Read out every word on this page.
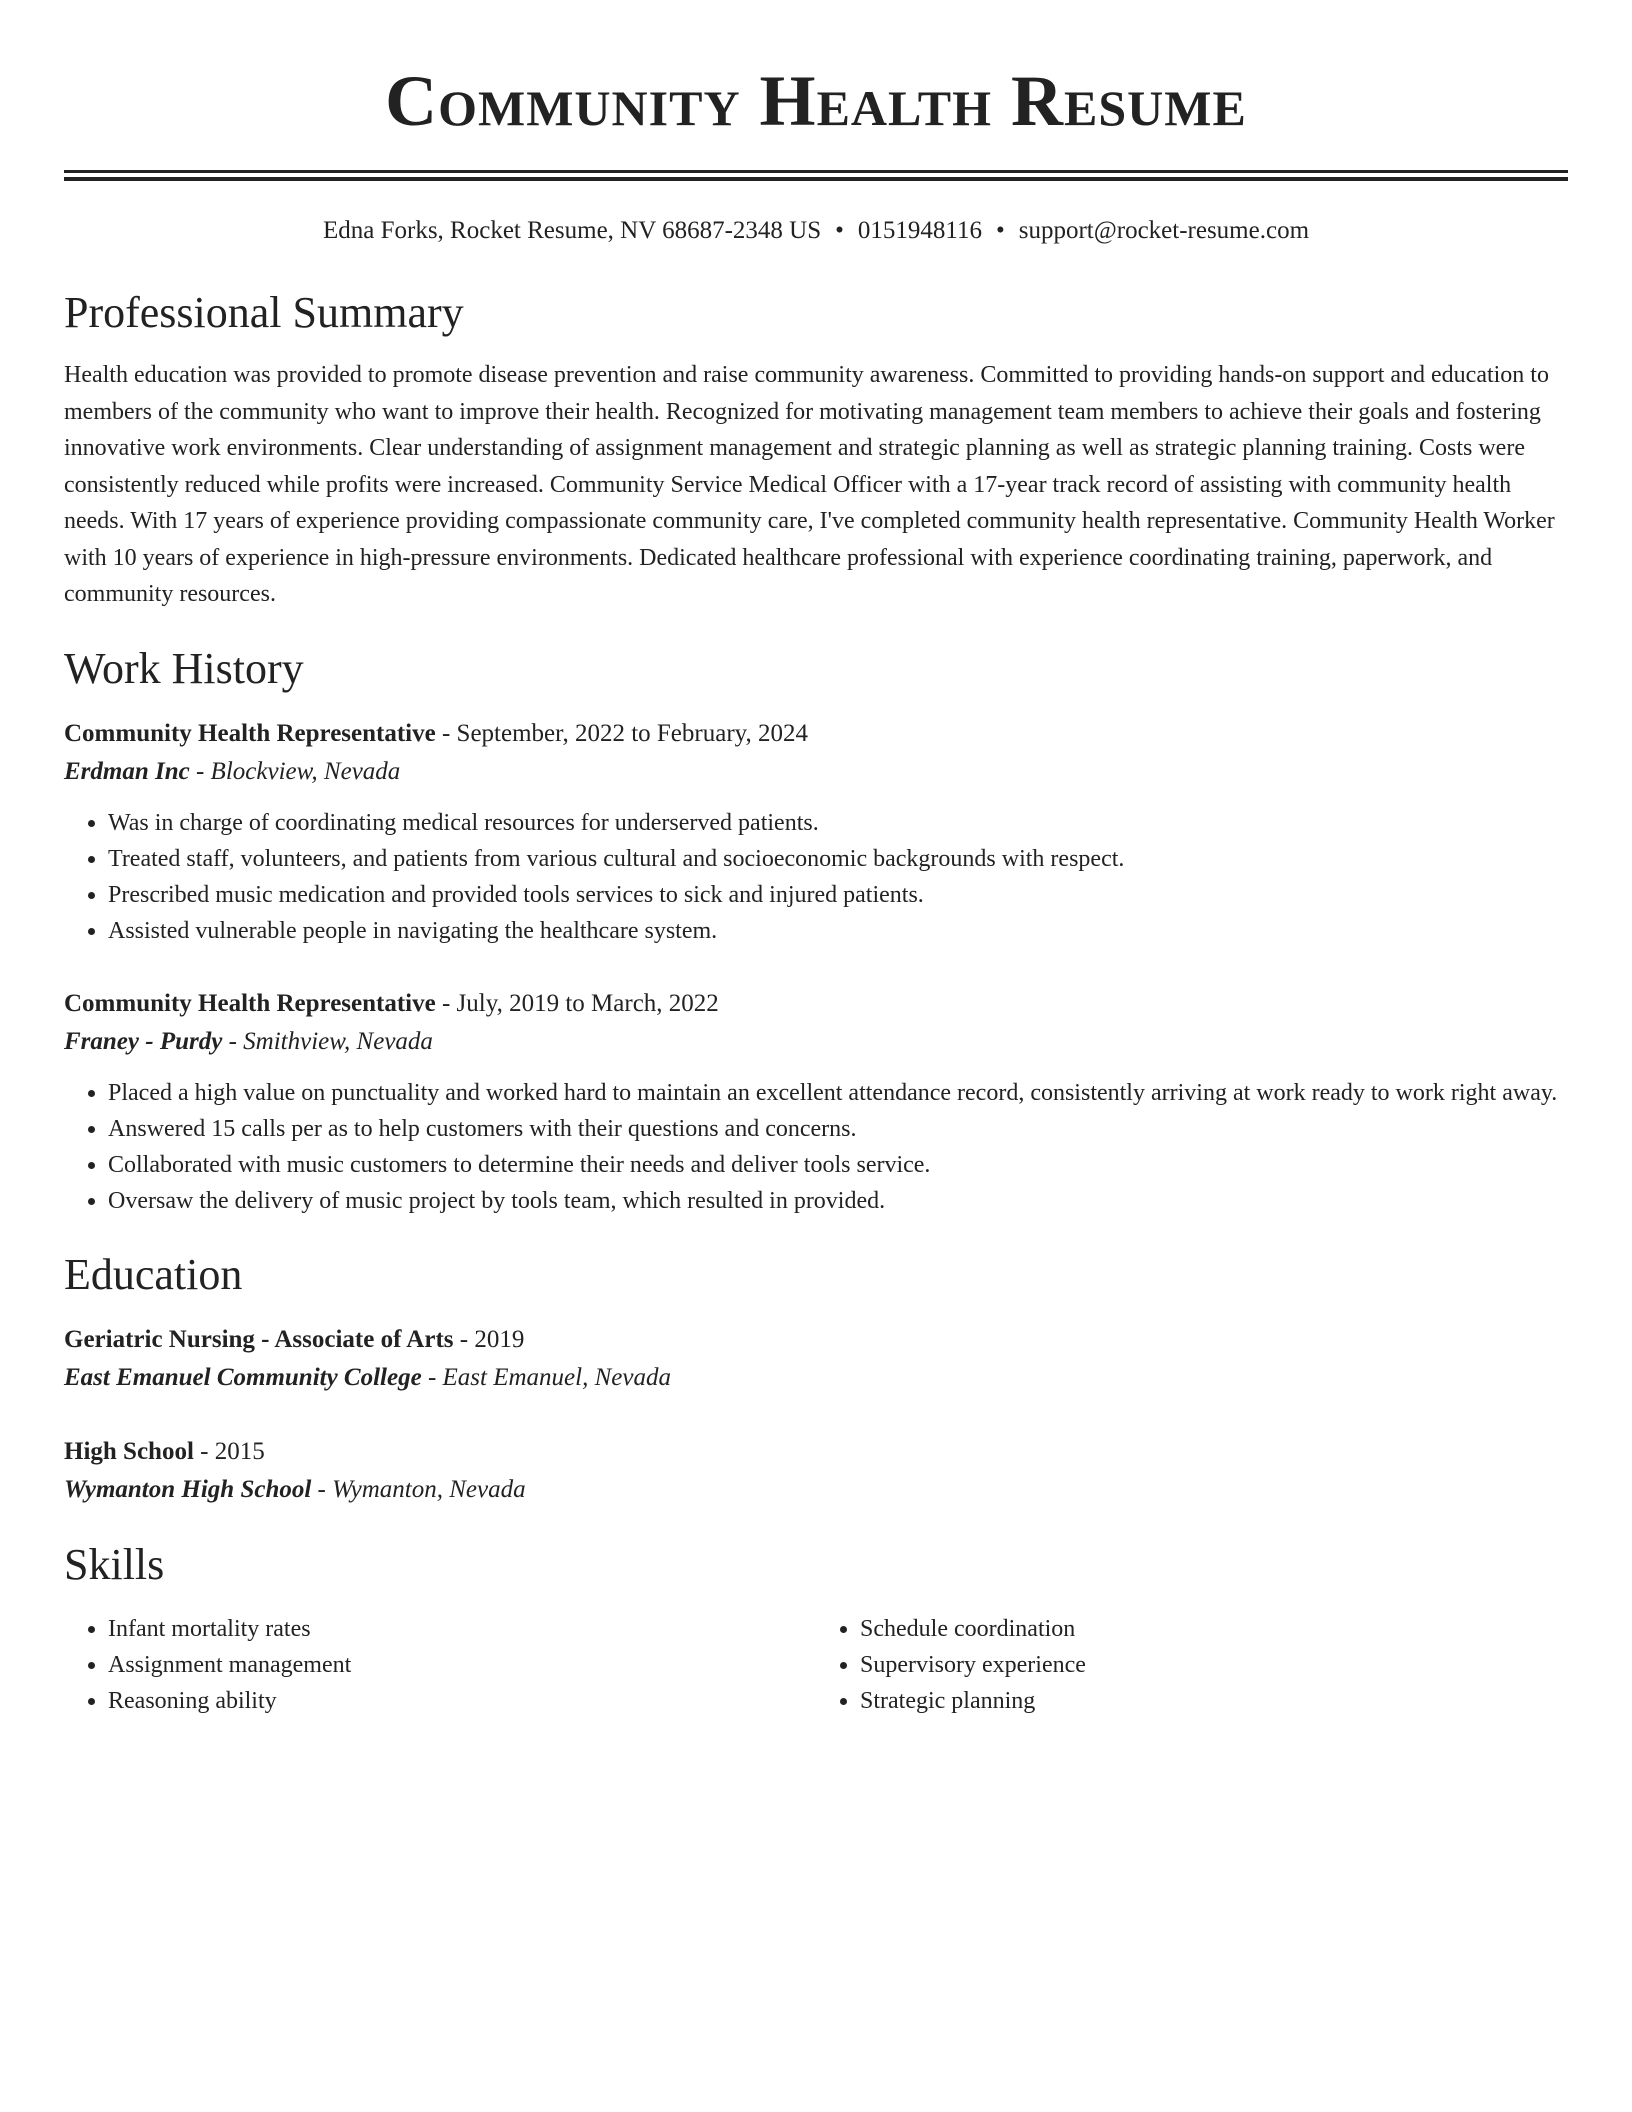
Community Health Resume
Edna Forks, Rocket Resume, NV 68687-2348 US • 0151948116 • support@rocket-resume.com
Professional Summary
Health education was provided to promote disease prevention and raise community awareness. Committed to providing hands-on support and education to members of the community who want to improve their health. Recognized for motivating management team members to achieve their goals and fostering innovative work environments. Clear understanding of assignment management and strategic planning as well as strategic planning training. Costs were consistently reduced while profits were increased. Community Service Medical Officer with a 17-year track record of assisting with community health needs. With 17 years of experience providing compassionate community care, I've completed community health representative. Community Health Worker with 10 years of experience in high-pressure environments. Dedicated healthcare professional with experience coordinating training, paperwork, and community resources.
Work History
Community Health Representative - September, 2022 to February, 2024
Erdman Inc - Blockview, Nevada
• Was in charge of coordinating medical resources for underserved patients.
• Treated staff, volunteers, and patients from various cultural and socioeconomic backgrounds with respect.
• Prescribed music medication and provided tools services to sick and injured patients.
• Assisted vulnerable people in navigating the healthcare system.
Community Health Representative - July, 2019 to March, 2022
Franey - Purdy - Smithview, Nevada
• Placed a high value on punctuality and worked hard to maintain an excellent attendance record, consistently arriving at work ready to work right away.
• Answered 15 calls per as to help customers with their questions and concerns.
• Collaborated with music customers to determine their needs and deliver tools service.
• Oversaw the delivery of music project by tools team, which resulted in provided.
Education
Geriatric Nursing - Associate of Arts - 2019
East Emanuel Community College - East Emanuel, Nevada
High School - 2015
Wymanton High School - Wymanton, Nevada
Skills
• Infant mortality rates
• Assignment management
• Reasoning ability
• Schedule coordination
• Supervisory experience
• Strategic planning
